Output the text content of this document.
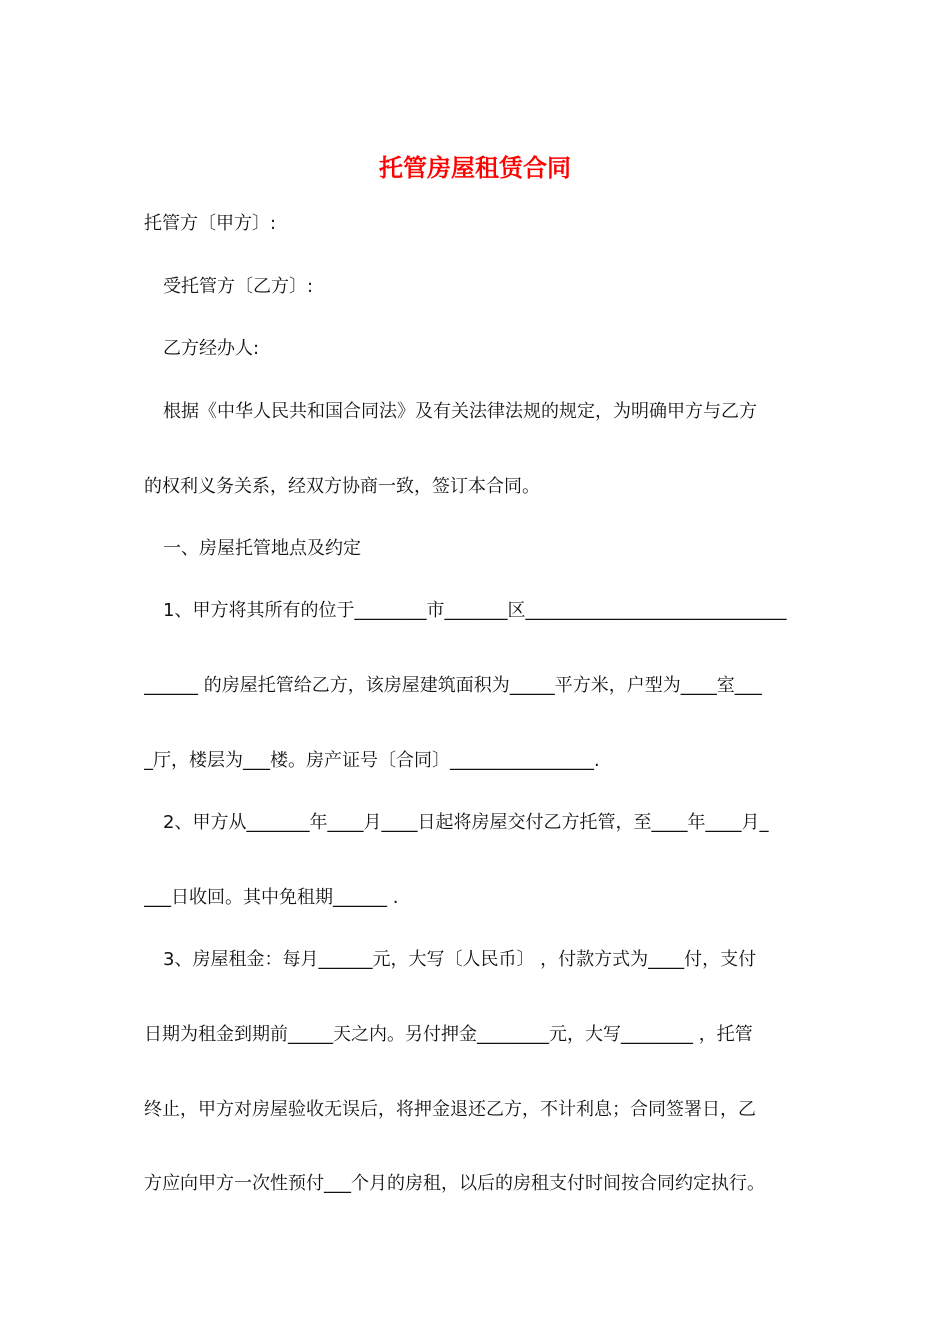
托管房屋租赁合同
托管方〔甲方〕:
受托管方〔乙方〕:
乙方经办人:
根据《中华人民共和国合同法》及有关法律法规的规定，为明确甲方与乙方
的权利义务关系，经双方协商一致，签订本合同。
一、房屋托管地点及约定
1、甲方将其所有的位于________市_______区_____________________________
______ 的房屋托管给乙方，该房屋建筑面积为_____平方米，户型为____室___
_厅，楼层为___楼。房产证号〔合同〕________________.
2、甲方从_______年____月____日起将房屋交付乙方托管，至____年____月_
___日收回。其中免租期______ .
3、房屋租金：每月______元，大写〔人民币〕 ，付款方式为____付，支付
日期为租金到期前_____天之内。另付押金________元，大写________ ，托管
终止，甲方对房屋验收无误后，将押金退还乙方，不计利息；合同签署日，乙
方应向甲方一次性预付___个月的房租，以后的房租支付时间按合同约定执行。
